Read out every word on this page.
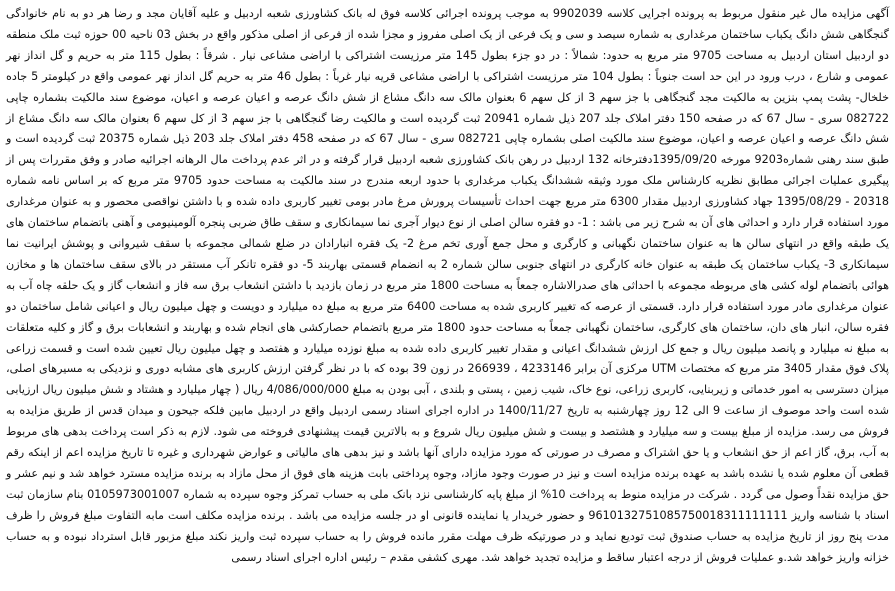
آگهی مزایده مال غیر منقول مربوط به پرونده اجرایی کلاسه 9902039 به موجب پرونده اجرائی کلاسه فوق له بانک کشاورزی شعبه اردبیل و علیه آقایان مجد و رضا هر دو به نام خانوادگی گنجگاهی شش دانگ یکباب ساختمان مرغداری به شماره سیصد و سی و یک فرعی از یک اصلی مفروز و مجزا شده از فرعی از اصلی مذکور واقع در بخش 03 ناحیه 00 حوزه ثبت ملک منطقه دو اردبیل استان اردبیل به مساحت 9705 متر مربع به حدود: شمالاً : در دو جزء بطول 145 متر مرزیست اشتراکی با اراضی مشاعی نیار . شرقاً : بطول 115 متر به حریم و گل انداز نهر عمومی و شارع ، درب ورود در این حد است جنوباً : بطول 104 متر مرزیست اشتراکی با اراضی مشاعی قریه نیار غرباً : بطول 46 متر به حریم گل انداز نهر عمومی واقع در کیلومتر 5 جاده خلخال- پشت پمپ بنزین به مالکیت مجد گنجگاهی با جز سهم 3 از کل سهم 6 بعنوان مالک سه دانگ مشاع از شش دانگ عرصه و اعیان عرصه و اعیان، موضوع سند مالکیت بشماره چاپی 082722 سری - سال 67 که در صفحه 150 دفتر املاک جلد 207 ذیل شماره 20941 ثبت گردیده است و مالکیت رضا گنجگاهی با جز سهم 3 از کل سهم 6 بعنوان مالک سه دانگ مشاع از شش دانگ عرصه و اعیان عرصه و اعیان، موضوع سند مالکیت اصلی بشماره چاپی 082721 سری - سال 67 که در صفحه 458 دفتر املاک جلد 203 ذیل شماره 20375 ثبت گردیده است و طبق سند رهنی شماره9203 مورخه 1395/09/20دفترخانه 132 اردبیل در رهن بانک کشاورزی شعبه اردبیل قرار گرفته و در اثر عدم پرداخت مال الرهانه اجرائیه صادر و وفق مقررات پس از پیگیری عملیات اجرائی مطابق نظریه کارشناس ملک مورد وثیقه ششدانگ یکباب مرغداری با حدود اربعه مندرج در سند مالکیت به مساحت حدود 9705 متر مربع که بر اساس نامه شماره 20318 - 1395/08/29 جهاد کشاورزی اردبیل مقدار 6300 متر مربع جهت احداث تأسیسات پرورش مرغ مادر بومی تغییر کاربری داده شده و با داشتن نواقصی محصور و به عنوان مرغداری مورد استفاده قرار دارد و احداثی های آن به شرح زیر می باشد : 1- دو فقره سالن اصلی از نوع دیوار آجری نما سیمانکاری و سقف طاق ضربی پنجره آلومینیومی و آهنی باتضمام ساختمان های یک طبقه واقع در انتهای سالن ها به عنوان ساختمان نگهبانی و کارگری و محل جمع آوری تخم مرغ 2- یک فقره انبارادان در ضلع شمالی مجموعه با سقف شیروانی و پوشش ایرانیت نما سیمانکاری 3- یکباب ساختمان یک طبقه به عنوان خانه کارگری در انتهای جنوبی سالن شماره 2 به انضمام قسمتی بهاربند 5- دو فقره تانکر آب مستقر در بالای سقف ساختمان ها و مخازن هوائی باتضمام لوله کشی های مربوطه مجموعه با احداثی های صدرالاشاره جمعاً به مساحت 1800 متر مربع در زمان بازدید با داشتن انشعاب برق سه فاز و انشعاب گاز و یک حلقه چاه آب به عنوان مرغداری مادر مورد استفاده قرار دارد. قسمتی از عرصه که تغییر کاربری شده به مساحت 6400 متر مربع به مبلغ ده میلیارد و دویست و چهل میلیون ریال و اعیانی شامل ساختمان دو فقره سالن، انبار های دان، ساختمان های کارگری، ساختمان نگهبانی جمعاً به مساحت حدود 1800 متر مربع باتضمام حصارکشی های انجام شده و بهاربند و انشعابات برق و گاز و کلیه متعلقات به مبلغ نه میلیارد و پانصد میلیون ریال و جمع کل ارزش ششدانگ اعیانی و مقدار تغییر کاربری داده شده به مبلغ نوزده میلیارد و هفتصد و چهل میلیون ریال تعیین شده است و قسمت زراعی پلاک فوق مقدار 3405 متر مربع که مختصات UTM مرکزی آن برابر 4233146 ، 266939 در زون 39 بوده که با در نظر گرفتن ارزش کاربری های مشابه دوری و نزدیکی به مسیرهای اصلی، میزان دسترسی به امور خدماتی و زیربنایی، کاربری زراعی، نوع خاک، شیب زمین ، پستی و بلندی ، آبی بودن به مبلغ 4/086/000/000 ریال ( چهار میلیارد و هشتاد و شش میلیون ریال ارزیابی شده است واحد موصوف از ساعت 9 الی 12 روز چهارشنبه به تاریخ 1400/11/27 در اداره اجرای اسناد رسمی اردبیل واقع در اردبیل مابین فلکه جیحون و میدان قدس از طریق مزایده به فروش می رسد. مزایده از مبلغ بیست و سه میلیارد و هشتصد و بیست و شش میلیون ریال شروع و به بالاترین قیمت پیشنهادی فروخته می شود. لازم به ذکر است پرداخت بدهی های مربوط به آب، برق، گاز اعم از حق انشعاب و یا حق اشتراک و مصرف در صورتی که مورد مزایده دارای آنها باشد و نیز بدهی های مالیاتی و عوارض شهرداری و غیره تا تاریخ مزایده اعم از اینکه رقم قطعی آن معلوم شده یا نشده باشد به عهده برنده مزایده است و نیز در صورت وجود مازاد، وجوه پرداختی بابت هزینه های فوق از محل مازاد به برنده مزایده مسترد خواهد شد و نیم عشر و حق مزایده نقداً وصول می گردد . شرکت در مزایده منوط به پرداخت 10% از مبلغ پایه کارشناسی نزد بانک ملی به حساب تمرکز وجوه سپرده به شماره 0105973001007 بنام سازمان ثبت اسناد با شناسه واریز 9610132751085750018311111111 و حضور خریدار یا نماینده قانونی او در جلسه مزایده می باشد . برنده مزایده مکلف است مابه التفاوت مبلغ فروش را ظرف مدت پنج روز از تاریخ مزایده به حساب صندوق ثبت تودیع نماید و در صورتیکه ظرف مهلت مقرر مانده فروش را به حساب سپرده ثبت واریز نکند مبلغ مزبور قابل استرداد نبوده و به حساب خزانه واریز خواهد شد.و عملیات فروش از درجه اعتبار ساقط و مزایده تجدید خواهد شد. مهری کشفی مقدم – رئیس اداره اجرای اسناد رسمی
